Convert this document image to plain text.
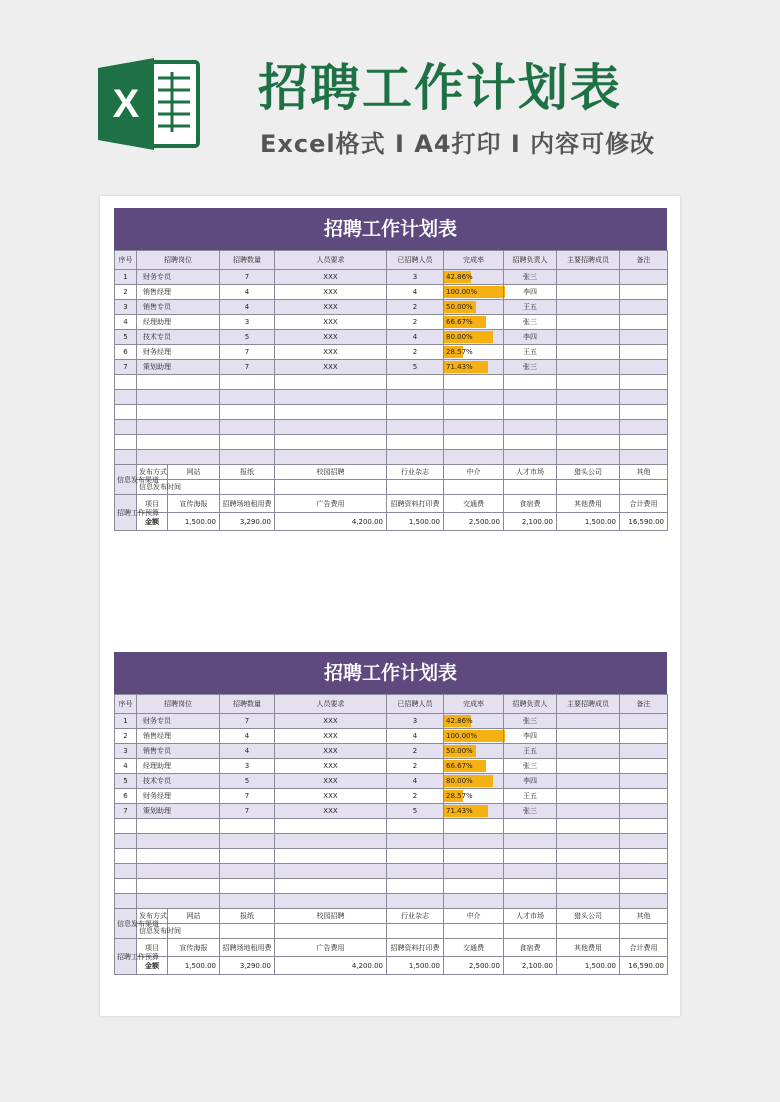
X 招聘工作计划表
Excel格式 I A4打印 I 内容可修改
招聘工作计划表
序号	招聘岗位		招聘数量	人员要求	已招聘人员	完成率	招聘负责人	主要招聘成员	备注
1	财务专员		7	XXX	3	42.86%	张三		
2	销售经理		4	XXX	4	100.00%	李四		
3	销售专员		4	XXX	2	50.00%	王五		
4	经理助理		3	XXX	2	66.67%	张三		
5	技术专员		5	XXX	4	80.00%	李四		
6	财务经理		7	XXX	2	28.57%	王五		
7	策划助理		7	XXX	5	71.43%	张三		

信息发布渠道	发布方式	网站	报纸	校园招聘	行业杂志	中介	人才市场	猎头公司	其他
	信息发布时间								
招聘工作预算	项目	宣传海报	招聘场地租用费	广告费用	招聘资料打印费	交通费	食宿费	其他费用	合计费用
	金额	1,500.00	3,290.00	4,200.00	1,500.00	2,500.00	2,100.00	1,500.00	16,590.00
招聘工作计划表
序号	招聘岗位		招聘数量	人员要求	已招聘人员	完成率	招聘负责人	主要招聘成员	备注
1	财务专员		7	XXX	3	42.86%	张三		
2	销售经理		4	XXX	4	100.00%	李四		
3	销售专员		4	XXX	2	50.00%	王五		
4	经理助理		3	XXX	2	66.67%	张三		
5	技术专员		5	XXX	4	80.00%	李四		
6	财务经理		7	XXX	2	28.57%	王五		
7	策划助理		7	XXX	5	71.43%	张三		

信息发布渠道	发布方式	网站	报纸	校园招聘	行业杂志	中介	人才市场	猎头公司	其他
	信息发布时间								
招聘工作预算	项目	宣传海报	招聘场地租用费	广告费用	招聘资料打印费	交通费	食宿费	其他费用	合计费用
	金额	1,500.00	3,290.00	4,200.00	1,500.00	2,500.00	2,100.00	1,500.00	16,590.00
